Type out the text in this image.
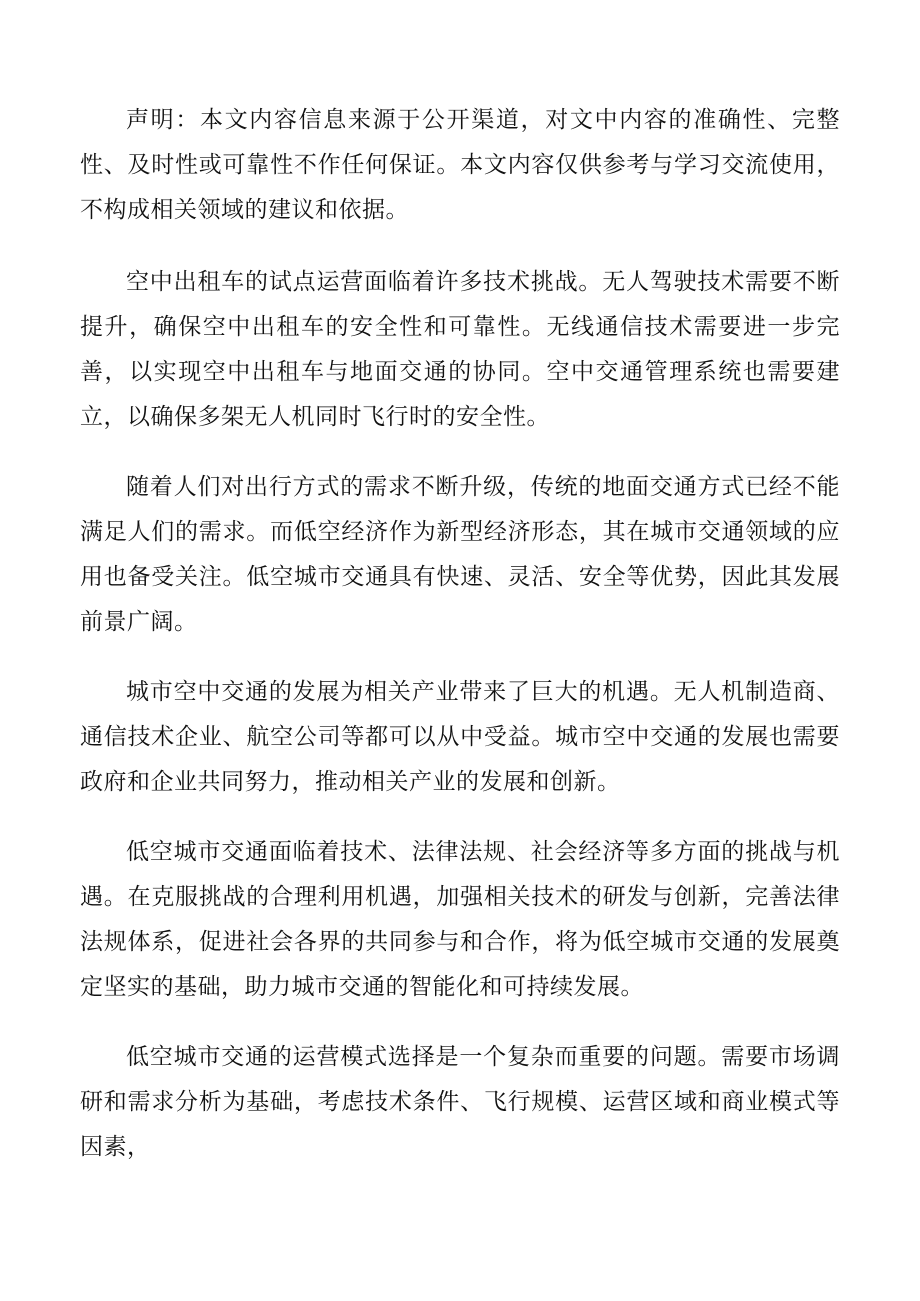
声明：本文内容信息来源于公开渠道，对文中内容的准确性、完整性、及时性或可靠性不作任何保证。本文内容仅供参考与学习交流使用，不构成相关领域的建议和依据。

空中出租车的试点运营面临着许多技术挑战。无人驾驶技术需要不断提升，确保空中出租车的安全性和可靠性。无线通信技术需要进一步完善，以实现空中出租车与地面交通的协同。空中交通管理系统也需要建立，以确保多架无人机同时飞行时的安全性。

随着人们对出行方式的需求不断升级，传统的地面交通方式已经不能满足人们的需求。而低空经济作为新型经济形态，其在城市交通领域的应用也备受关注。低空城市交通具有快速、灵活、安全等优势，因此其发展前景广阔。

城市空中交通的发展为相关产业带来了巨大的机遇。无人机制造商、通信技术企业、航空公司等都可以从中受益。城市空中交通的发展也需要政府和企业共同努力，推动相关产业的发展和创新。

低空城市交通面临着技术、法律法规、社会经济等多方面的挑战与机遇。在克服挑战的合理利用机遇，加强相关技术的研发与创新，完善法律法规体系，促进社会各界的共同参与和合作，将为低空城市交通的发展奠定坚实的基础，助力城市交通的智能化和可持续发展。

低空城市交通的运营模式选择是一个复杂而重要的问题。需要市场调研和需求分析为基础，考虑技术条件、飞行规模、运营区域和商业模式等因素，
